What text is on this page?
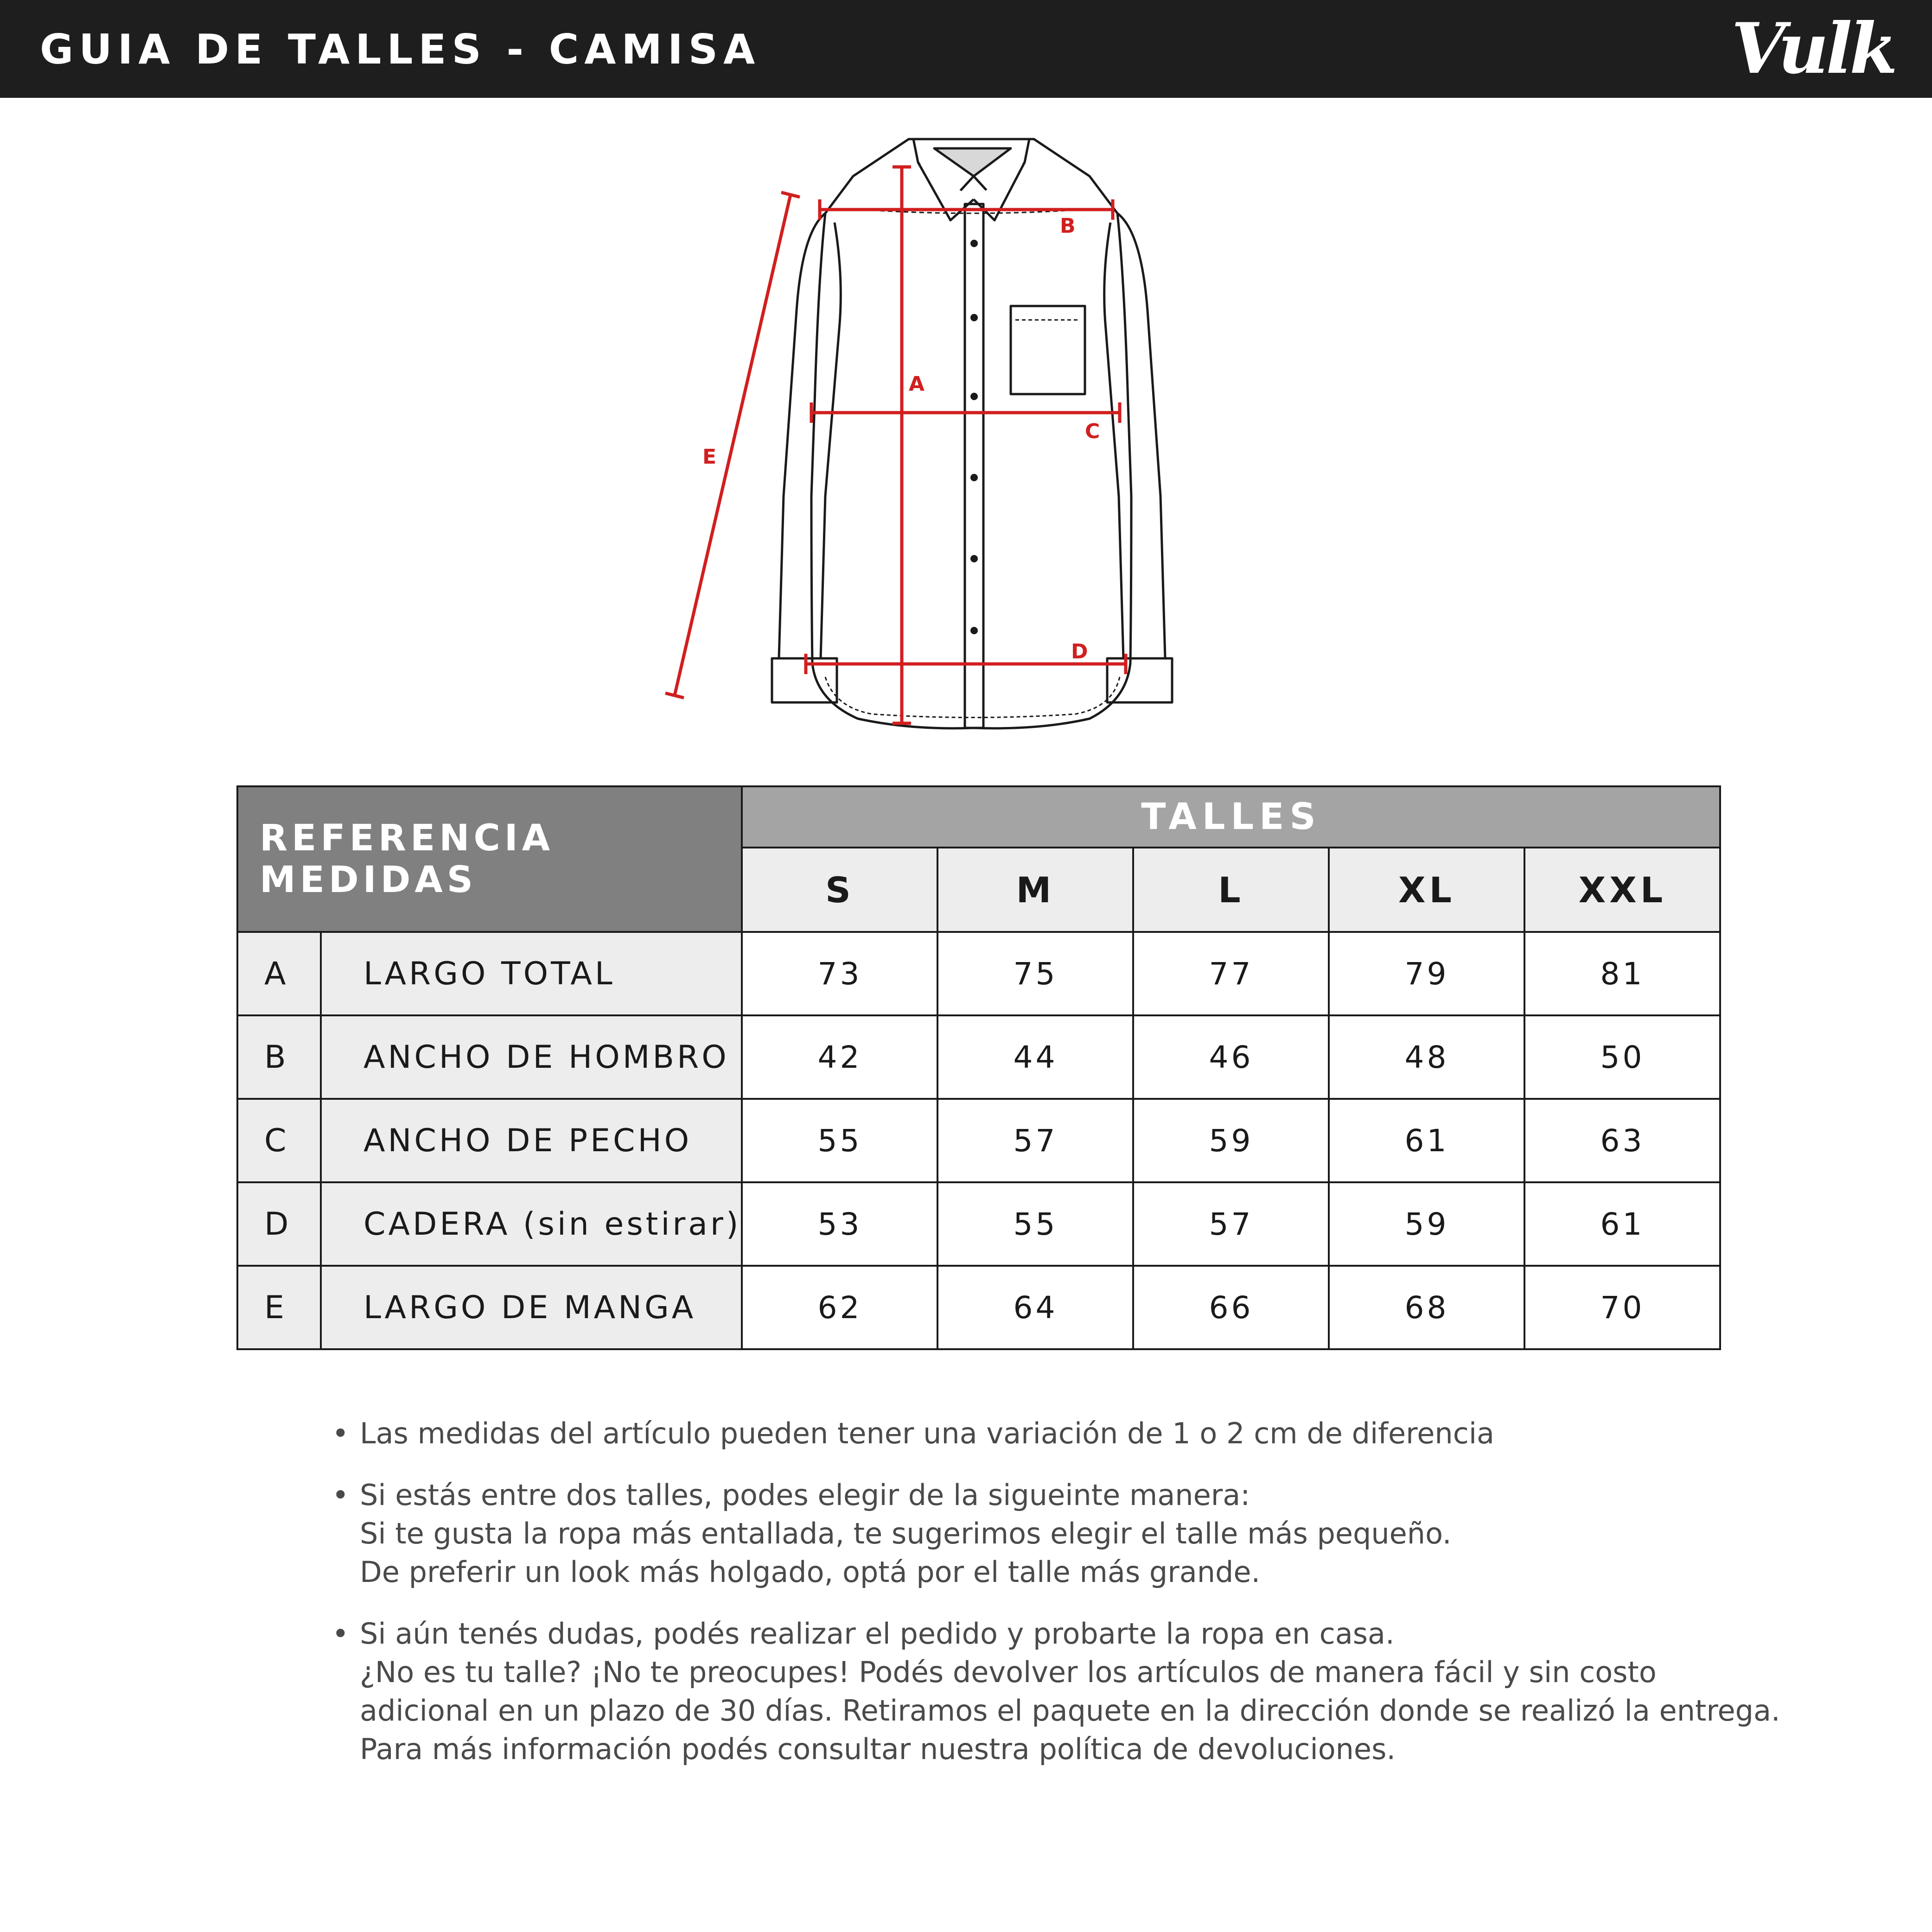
GUIA DE TALLES - CAMISA	Vulk
A
B
C
D
E
REFERENCIA MEDIDAS		TALLES				
		S	M	L	XL	XXL
A	LARGO TOTAL	73	75	77	79	81
B	ANCHO DE HOMBRO	42	44	46	48	50
C	ANCHO DE PECHO	55	57	59	61	63
D	CADERA (sin estirar)	53	55	57	59	61
E	LARGO DE MANGA	62	64	66	68	70
• Las medidas del artículo pueden tener una variación de 1 o 2 cm de diferencia
• Si estás entre dos talles, podes elegir de la sigueinte manera:
Si te gusta la ropa más entallada, te sugerimos elegir el talle más pequeño.
De preferir un look más holgado, optá por el talle más grande.
• Si aún tenés dudas, podés realizar el pedido y probarte la ropa en casa.
¿No es tu talle? ¡No te preocupes! Podés devolver los artículos de manera fácil y sin costo
adicional en un plazo de 30 días. Retiramos el paquete en la dirección donde se realizó la entrega.
Para más información podés consultar nuestra política de devoluciones.
